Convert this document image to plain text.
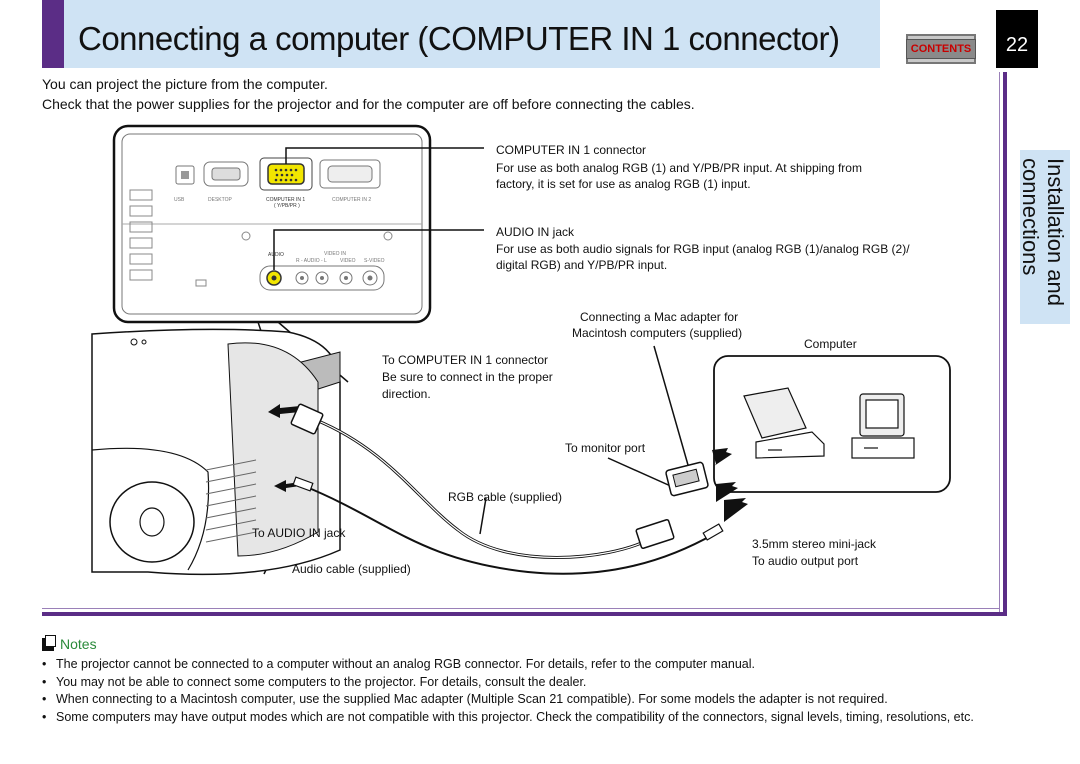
Connecting a computer (COMPUTER IN 1 connector)	CONTENTS	22
You can project the picture from the computer.
Check that the power supplies for the projector and for the computer are off before connecting the cables.
Installation and
connections
USB	DESKTOP	COMPUTER IN 1
( Y/PB/PR )
COMPUTER IN 2
AUDIO	VIDEO IN
R - AUDIO - L	VIDEO S-VIDEO
COMPUTER IN 1 connector
For use as both analog RGB (1) and Y/PB/PR input. At shipping from
factory, it is set for use as analog RGB (1) input.
AUDIO IN jack
For use as both audio signals for RGB input (analog RGB (1)/analog RGB (2)/
digital RGB) and Y/PB/PR input.
Connecting a Mac adapter for
Macintosh computers (supplied)
Computer
To COMPUTER IN 1 connector
Be sure to connect in the proper
direction.
To monitor port
RGB cable (supplied)
To AUDIO IN jack
3.5mm stereo mini-jack
To audio output port
Audio cable (supplied)
Notes
• The projector cannot be connected to a computer without an analog RGB connector. For details, refer to the computer manual.
• You may not be able to connect some computers to the projector. For details, consult the dealer.
• When connecting to a Macintosh computer, use the supplied Mac adapter (Multiple Scan 21 compatible). For some models the adapter is not required.
• Some computers may have output modes which are not compatible with this projector. Check the compatibility of the connectors, signal levels, timing, resolutions, etc.
